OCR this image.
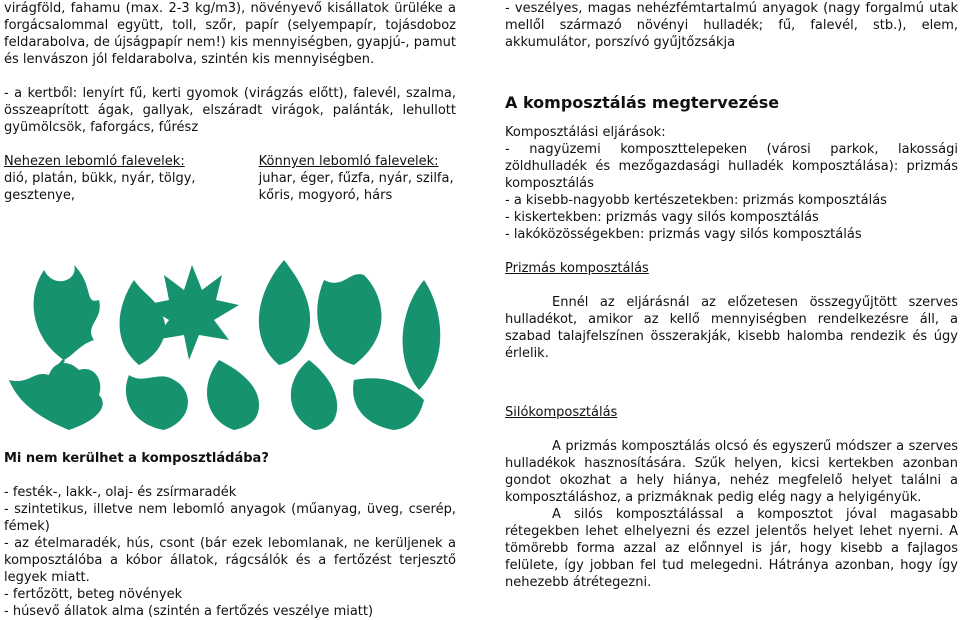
virágföld, fahamu (max. 2-3 kg/m3), növényevő kisállatok ürüléke a forgácsalommal együtt, toll, szőr, papír (selyempapír, tojásdoboz feldarabolva, de újságpapír nem!) kis mennyiségben, gyapjú-, pamut és lenvászon jól feldarabolva, szintén kis mennyiségben.

- a kertből: lenyírt fű, kerti gyomok (virágzás előtt), falevél, szalma, összeaprított ágak, gallyak, elszáradt virágok, palánták, lehullott gyümölcsök, faforgács, fűrész

Nehezen lebomló falevelek:

dió, platán, bükk, nyár, tölgy, gesztenye,

Könnyen lebomló falevelek:

juhar, éger, fűzfa, nyár, szilfa, kőris, mogyoró, hárs

Mi nem kerülhet a komposztládába?

- festék-, lakk-, olaj- és zsírmaradék

- szintetikus, illetve nem lebomló anyagok (műanyag, üveg, cserép, fémek)

- az ételmaradék, hús, csont (bár ezek lebomlanak, ne kerüljenek a komposztálóba a kóbor állatok, rágcsálók és a fertőzést terjesztő legyek miatt.

- fertőzött, beteg növények

- húsevő állatok alma (szintén a fertőzés veszélye miatt)

- veszélyes, magas nehézfémtartalmú anyagok (nagy forgalmú utak mellől származó növényi hulladék; fű, falevél, stb.), elem, akkumulátor, porszívó gyűjtőzsákja

A komposztálás megtervezése

Komposztálási eljárások:

- nagyüzemi komposzttelepeken (városi parkok, lakossági zöldhulladék és mezőgazdasági hulladék komposztálása): prizmás komposztálás

- a kisebb-nagyobb kertészetekben: prizmás komposztálás

- kiskertekben: prizmás vagy silós komposztálás

- lakóközösségekben: prizmás vagy silós komposztálás

Prizmás komposztálás

Ennél az eljárásnál az előzetesen összegyűjtött szerves hulladékot, amikor az kellő mennyiségben rendelkezésre áll, a szabad talajfelszínen összerakják, kisebb halomba rendezik és úgy érlelik.

Silókomposztálás

A prizmás komposztálás olcsó és egyszerű módszer a szerves hulladékok hasznosítására. Szűk helyen, kicsi kertekben azonban gondot okozhat a hely hiánya, nehéz megfelelő helyet találni a komposztáláshoz, a prizmáknak pedig elég nagy a helyigényük.

A silós komposztálással a komposztot jóval magasabb rétegekben lehet elhelyezni és ezzel jelentős helyet lehet nyerni. A tömörebb forma azzal az előnnyel is jár, hogy kisebb a fajlagos felülete, így jobban fel tud melegedni. Hátránya azonban, hogy így nehezebb átrétegezni.
